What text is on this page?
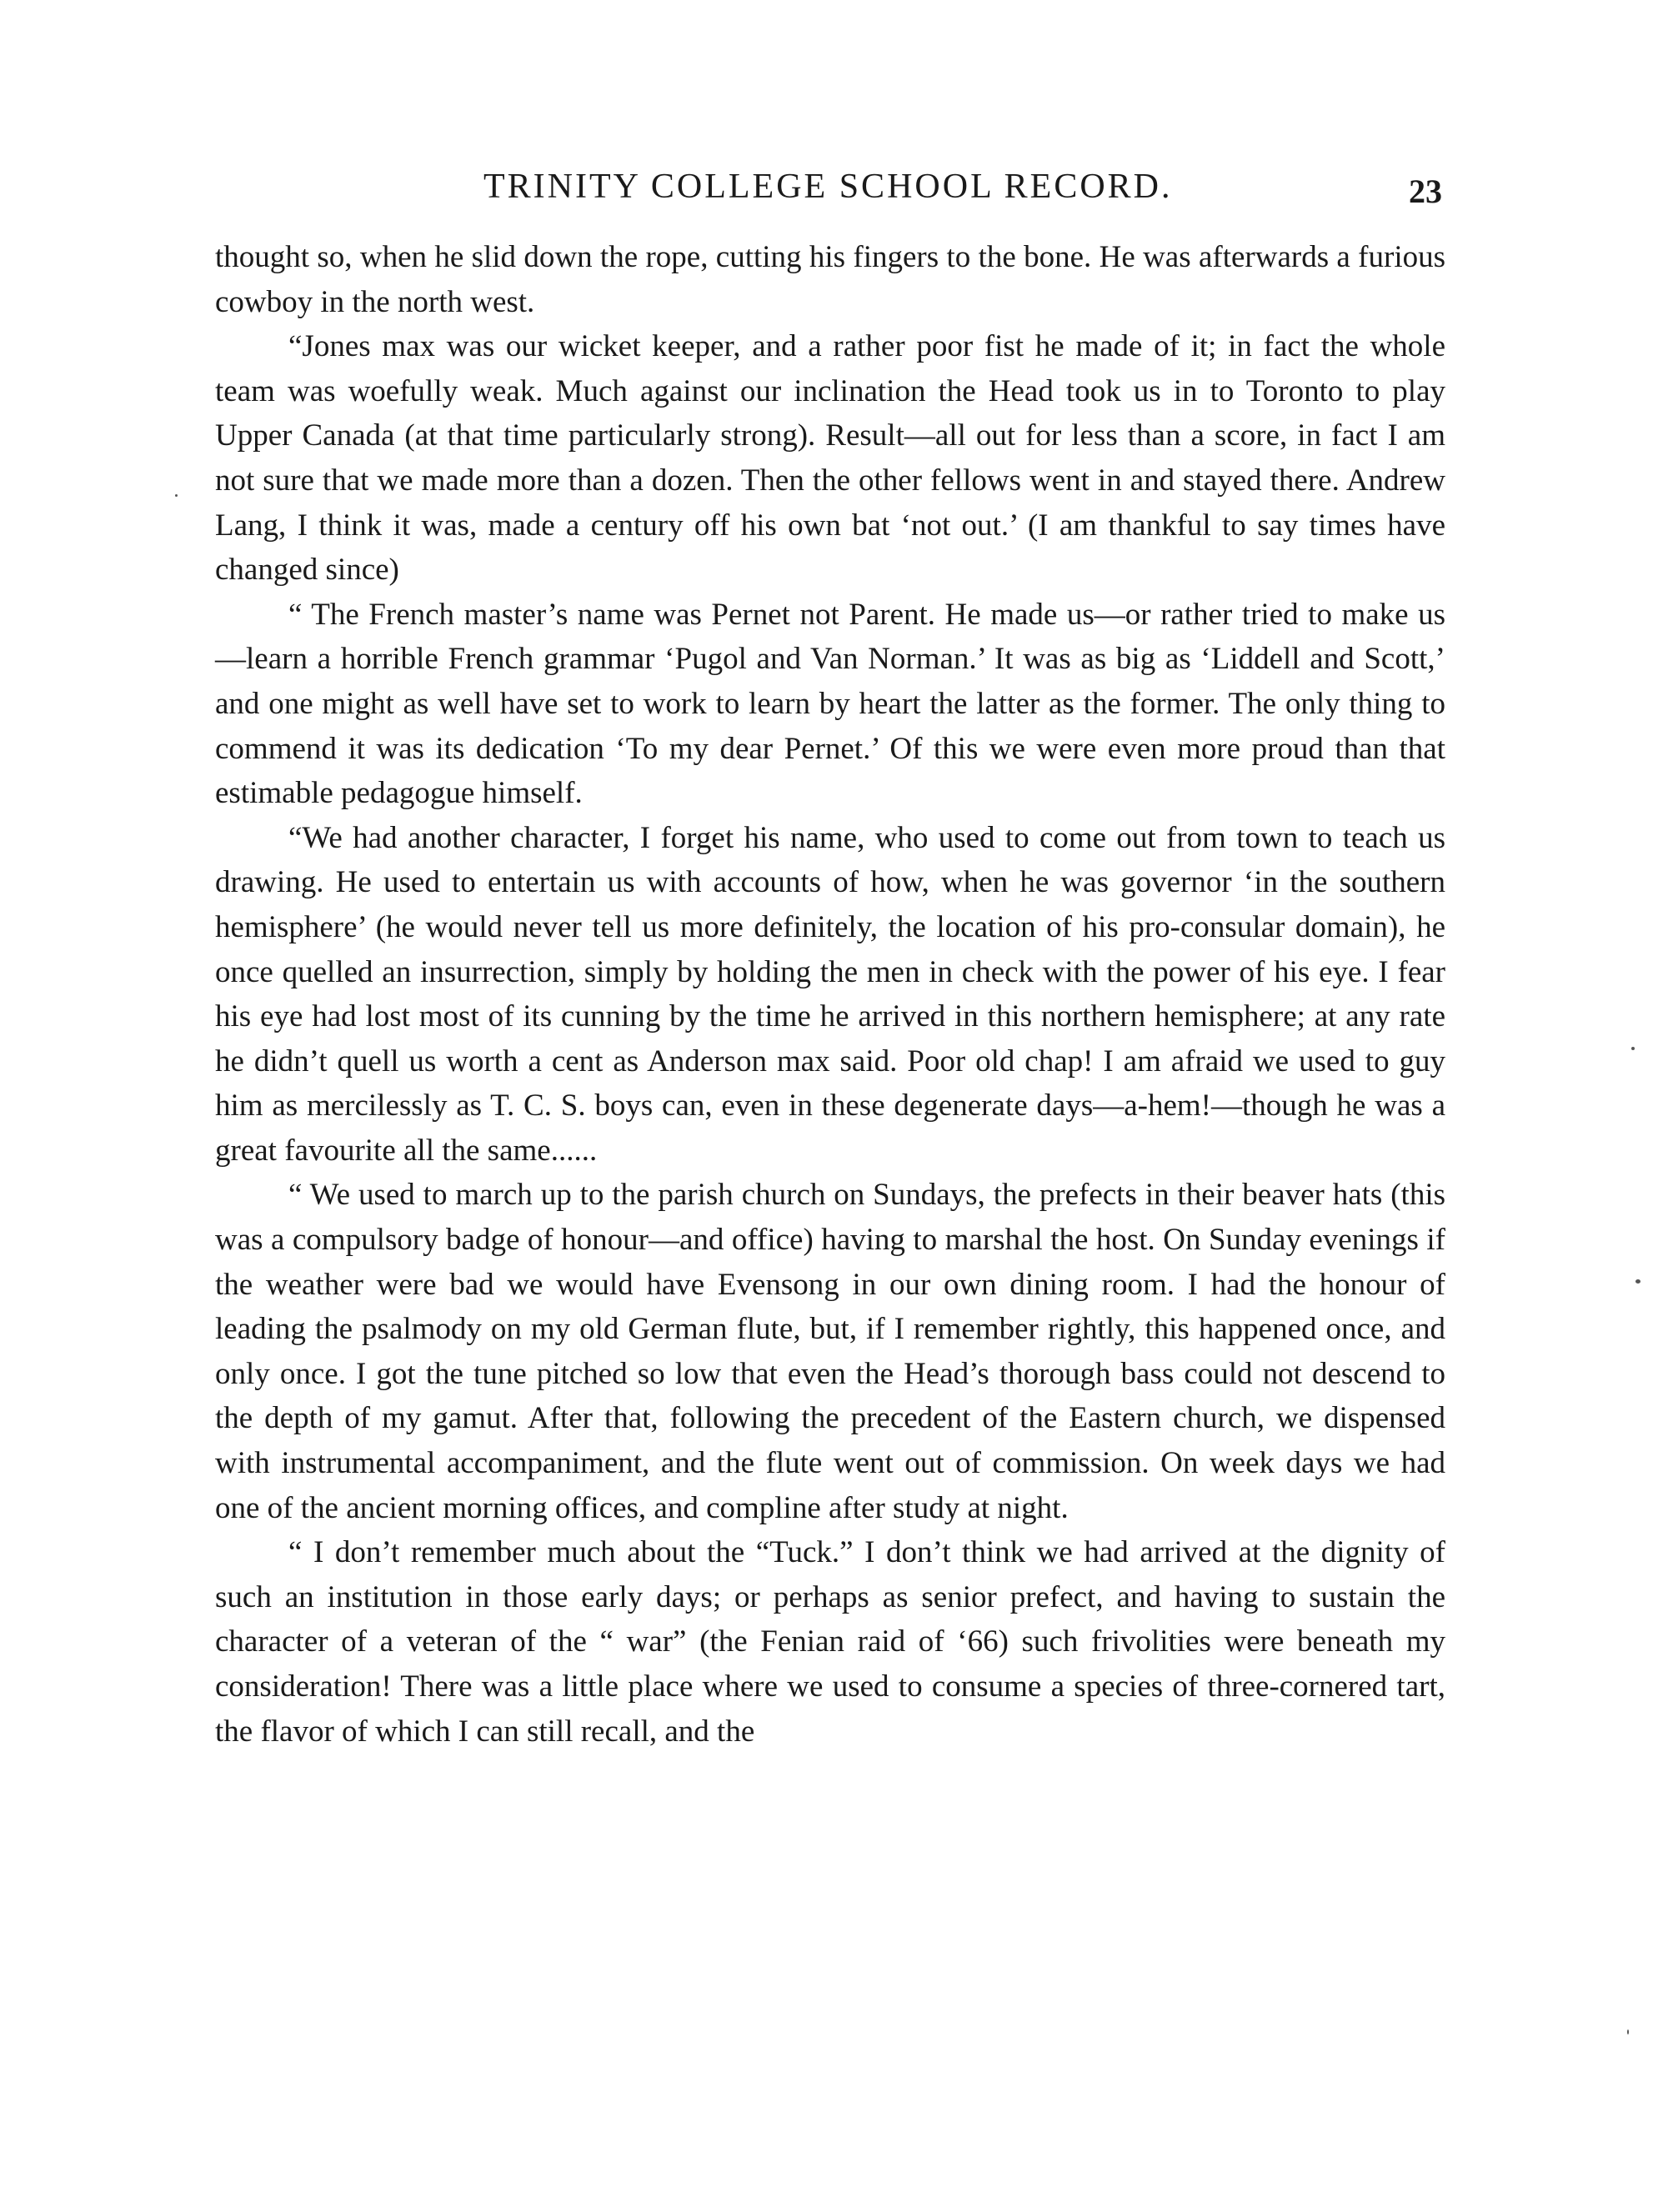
TRINITY COLLEGE SCHOOL RECORD.	23

thought so, when he slid down the rope, cutting his fingers to the bone. He was afterwards a furious cowboy in the north west.

“Jones max was our wicket keeper, and a rather poor fist he made of it; in fact the whole team was woefully weak. Much against our inclination the Head took us in to Toronto to play Upper Canada (at that time particularly strong). Result—all out for less than a score, in fact I am not sure that we made more than a dozen. Then the other fellows went in and stayed there. Andrew Lang, I think it was, made a century off his own bat ‘not out.’ (I am thankful to say times have changed since)

“ The French master’s name was Pernet not Parent. He made us—or rather tried to make us—learn a horrible French grammar ‘Pugol and Van Norman.’ It was as big as ‘Liddell and Scott,’ and one might as well have set to work to learn by heart the latter as the former. The only thing to commend it was its dedication ‘To my dear Pernet.’ Of this we were even more proud than that estimable pedagogue himself.

“We had another character, I forget his name, who used to come out from town to teach us drawing. He used to entertain us with accounts of how, when he was governor ‘in the southern hemisphere’ (he would never tell us more definitely, the location of his pro-consular domain), he once quelled an insurrection, simply by holding the men in check with the power of his eye. I fear his eye had lost most of its cunning by the time he arrived in this northern hemisphere; at any rate he didn’t quell us worth a cent as Anderson max said. Poor old chap! I am afraid we used to guy him as mercilessly as T. C. S. boys can, even in these degenerate days—a-hem!—though he was a great favourite all the same......

“ We used to march up to the parish church on Sundays, the prefects in their beaver hats (this was a compulsory badge of honour—and office) having to marshal the host. On Sunday evenings if the weather were bad we would have Evensong in our own dining room. I had the honour of leading the psalmody on my old German flute, but, if I remember rightly, this happened once, and only once. I got the tune pitched so low that even the Head’s thorough bass could not descend to the depth of my gamut. After that, following the precedent of the Eastern church, we dispensed with instrumental accompaniment, and the flute went out of commission. On week days we had one of the ancient morning offices, and compline after study at night.

“ I don’t remember much about the “Tuck.” I don’t think we had arrived at the dignity of such an institution in those early days; or perhaps as senior prefect, and having to sustain the character of a veteran of the “ war” (the Fenian raid of ‘66) such frivolities were beneath my consideration! There was a little place where we used to consume a species of three-cornered tart, the flavor of which I can still recall, and the
